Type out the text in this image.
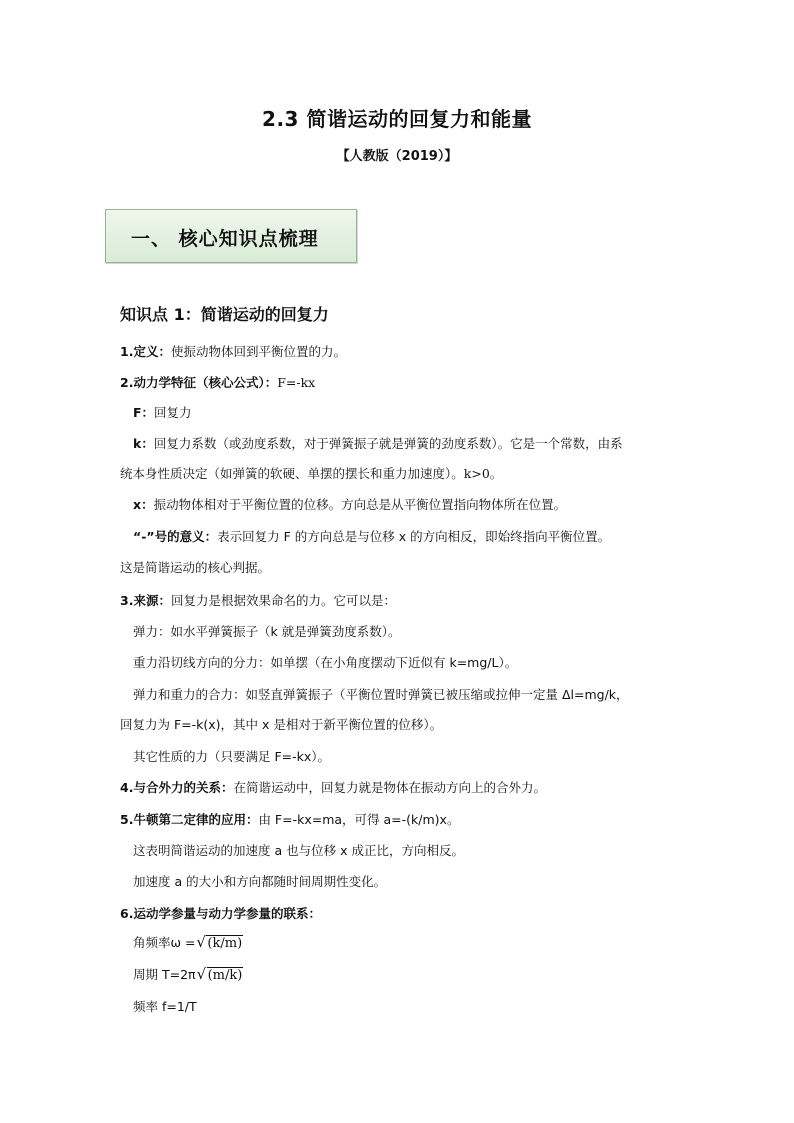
2.3 简谐运动的回复力和能量
【人教版（2019）】
一、 核心知识点梳理
知识点 1：简谐运动的回复力
1.定义：使振动物体回到平衡位置的力。
2.动力学特征（核心公式）：F=-kx
F：回复力
k：回复力系数（或劲度系数，对于弹簧振子就是弹簧的劲度系数）。它是一个常数，由系
统本身性质决定（如弹簧的软硬、单摆的摆长和重力加速度）。k>0。
x：振动物体相对于平衡位置的位移。方向总是从平衡位置指向物体所在位置。
“-”号的意义：表示回复力 F 的方向总是与位移 x 的方向相反，即始终指向平衡位置。
这是简谐运动的核心判据。
3.来源：回复力是根据效果命名的力。它可以是：
弹力：如水平弹簧振子（k 就是弹簧劲度系数）。
重力沿切线方向的分力：如单摆（在小角度摆动下近似有 k=mg/L）。
弹力和重力的合力：如竖直弹簧振子（平衡位置时弹簧已被压缩或拉伸一定量 Δl=mg/k，
回复力为 F=-k(x)，其中 x 是相对于新平衡位置的位移）。
其它性质的力（只要满足 F=-kx）。
4.与合外力的关系：在简谐运动中，回复力就是物体在振动方向上的合外力。
5.牛顿第二定律的应用：由 F=-kx=ma，可得 a=-(k/m)x。
这表明简谐运动的加速度 a 也与位移 x 成正比，方向相反。
加速度 a 的大小和方向都随时间周期性变化。
6.运动学参量与动力学参量的联系：
角频率ω = √ (k/m)
周期 T=2π √ (m/k)
频率 f=1/T
